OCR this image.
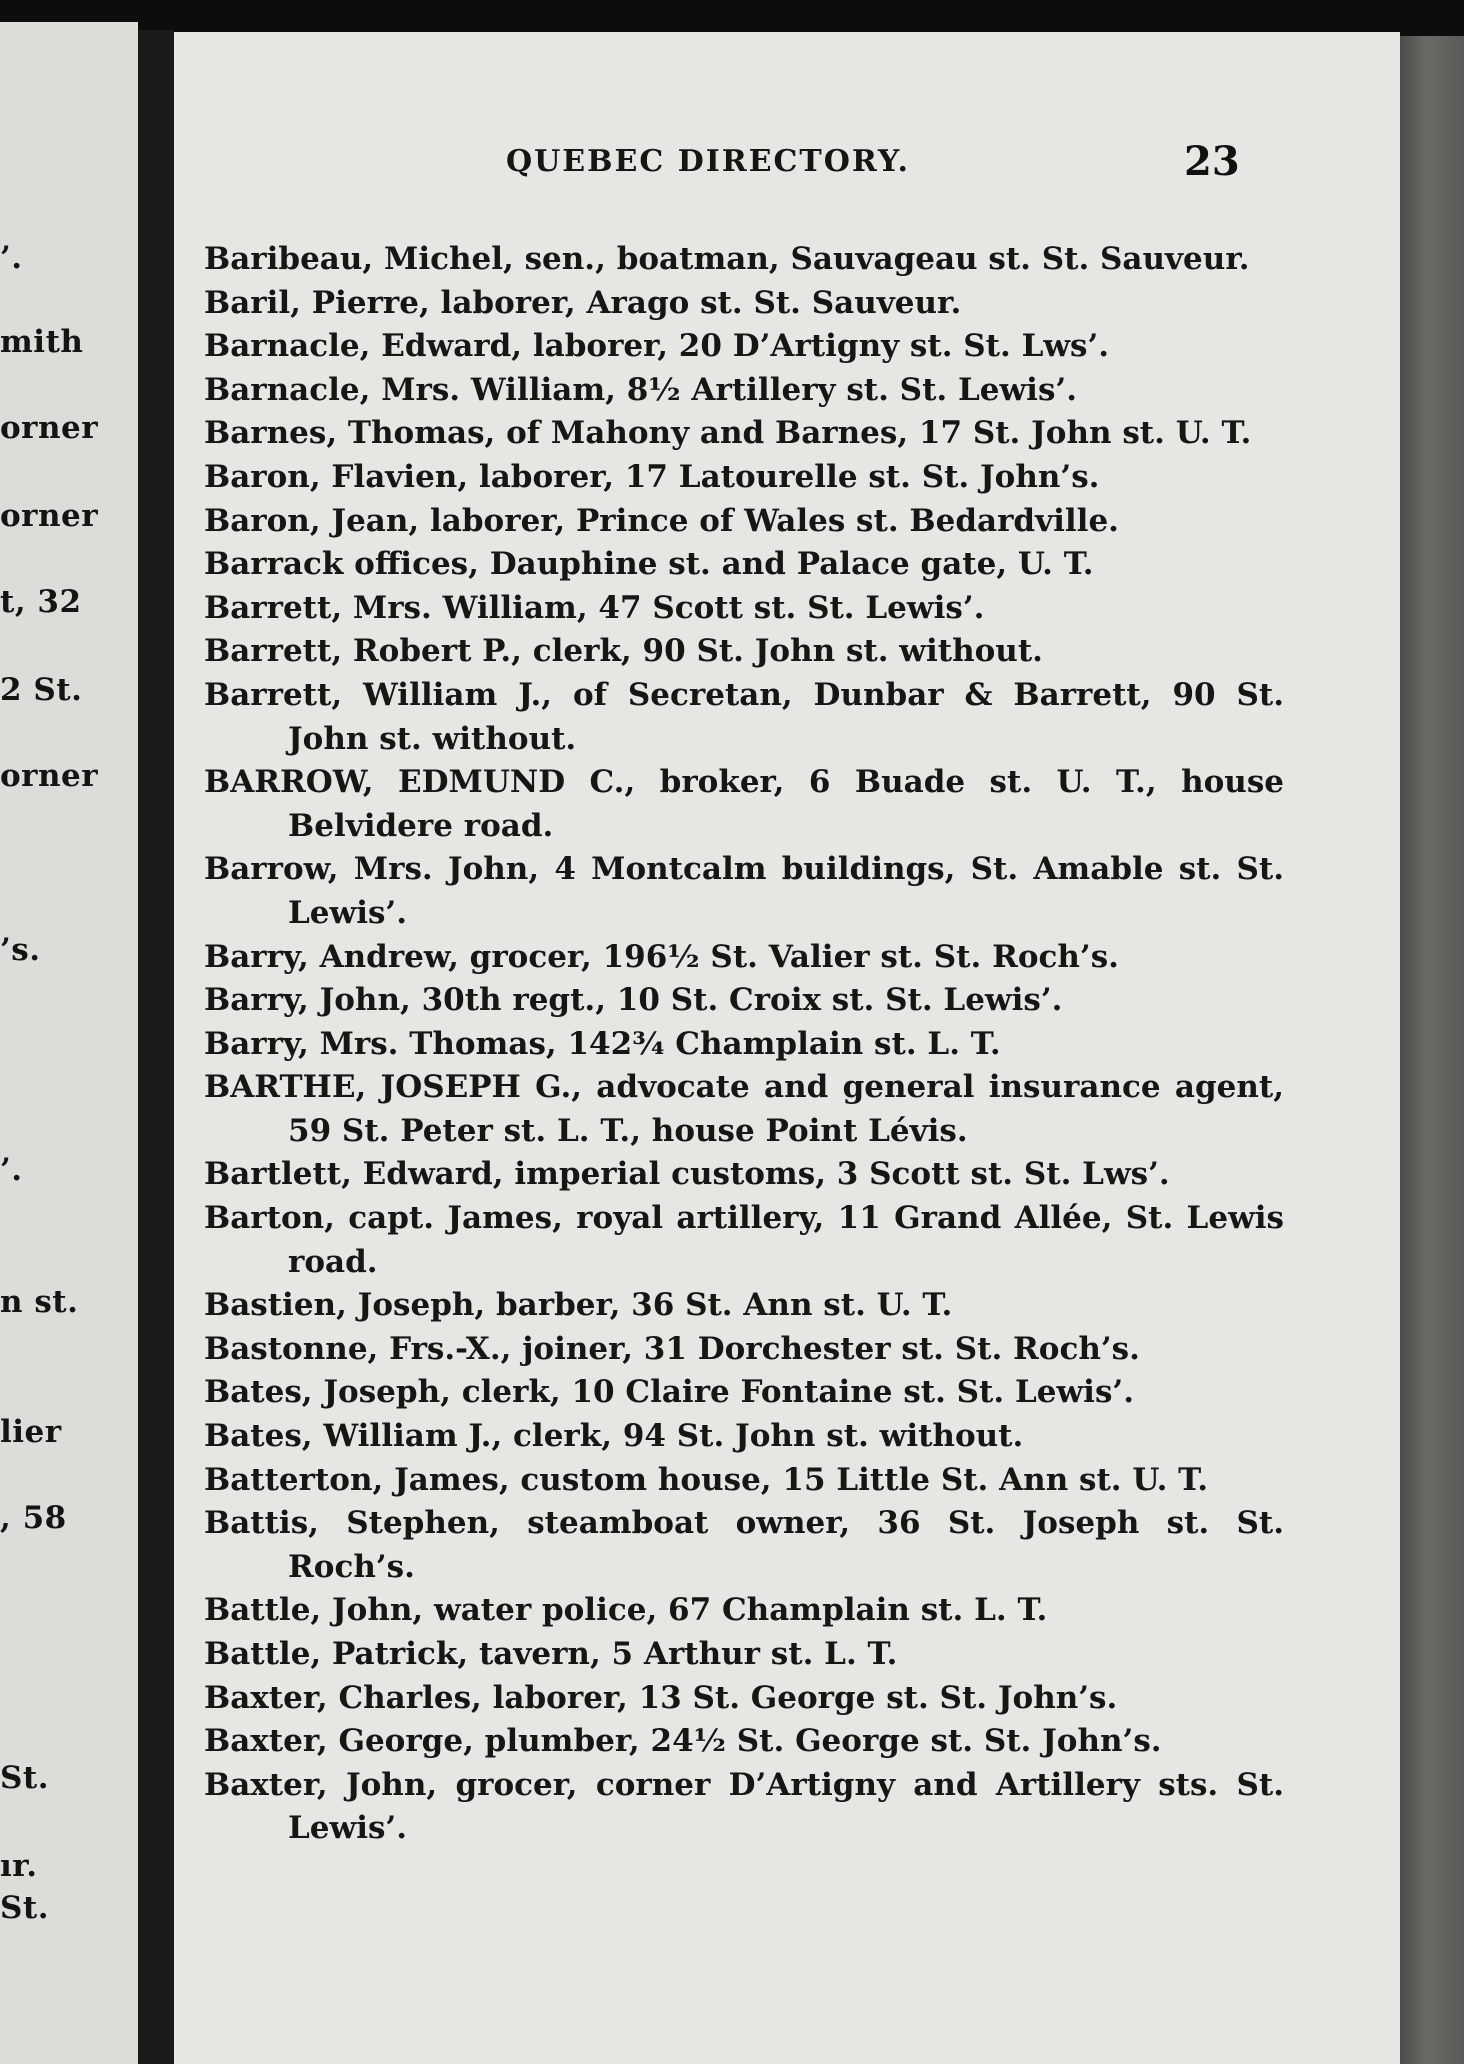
’.
mith
orner
orner
t, 32
2 St.
orner
’s.
’.
n st.
lier
, 58
St.
ır.
St.
QUEBEC DIRECTORY.	23
Baribeau, Michel, sen., boatman, Sauvageau st. St. Sauveur.
Baril, Pierre, laborer, Arago st. St. Sauveur.
Barnacle, Edward, laborer, 20 D’Artigny st. St. Lws’.
Barnacle, Mrs. William, 8½ Artillery st. St. Lewis’.
Barnes, Thomas, of Mahony and Barnes, 17 St. John st. U. T.
Baron, Flavien, laborer, 17 Latourelle st. St. John’s.
Baron, Jean, laborer, Prince of Wales st. Bedardville.
Barrack offices, Dauphine st. and Palace gate, U. T.
Barrett, Mrs. William, 47 Scott st. St. Lewis’.
Barrett, Robert P., clerk, 90 St. John st. without.
Barrett, William J., of Secretan, Dunbar & Barrett, 90 St. John st. without.
BARROW, EDMUND C., broker, 6 Buade st. U. T., house Belvidere road.
Barrow, Mrs. John, 4 Montcalm buildings, St. Amable st. St. Lewis’.
Barry, Andrew, grocer, 196½ St. Valier st. St. Roch’s.
Barry, John, 30th regt., 10 St. Croix st. St. Lewis’.
Barry, Mrs. Thomas, 142¾ Champlain st. L. T.
BARTHE, JOSEPH G., advocate and general insurance agent, 59 St. Peter st. L. T., house Point Lévis.
Bartlett, Edward, imperial customs, 3 Scott st. St. Lws’.
Barton, capt. James, royal artillery, 11 Grand Allée, St. Lewis road.
Bastien, Joseph, barber, 36 St. Ann st. U. T.
Bastonne, Frs.-X., joiner, 31 Dorchester st. St. Roch’s.
Bates, Joseph, clerk, 10 Claire Fontaine st. St. Lewis’.
Bates, William J., clerk, 94 St. John st. without.
Batterton, James, custom house, 15 Little St. Ann st. U. T.
Battis, Stephen, steamboat owner, 36 St. Joseph st. St. Roch’s.
Battle, John, water police, 67 Champlain st. L. T.
Battle, Patrick, tavern, 5 Arthur st. L. T.
Baxter, Charles, laborer, 13 St. George st. St. John’s.
Baxter, George, plumber, 24½ St. George st. St. John’s.
Baxter, John, grocer, corner D’Artigny and Artillery sts. St. Lewis’.
